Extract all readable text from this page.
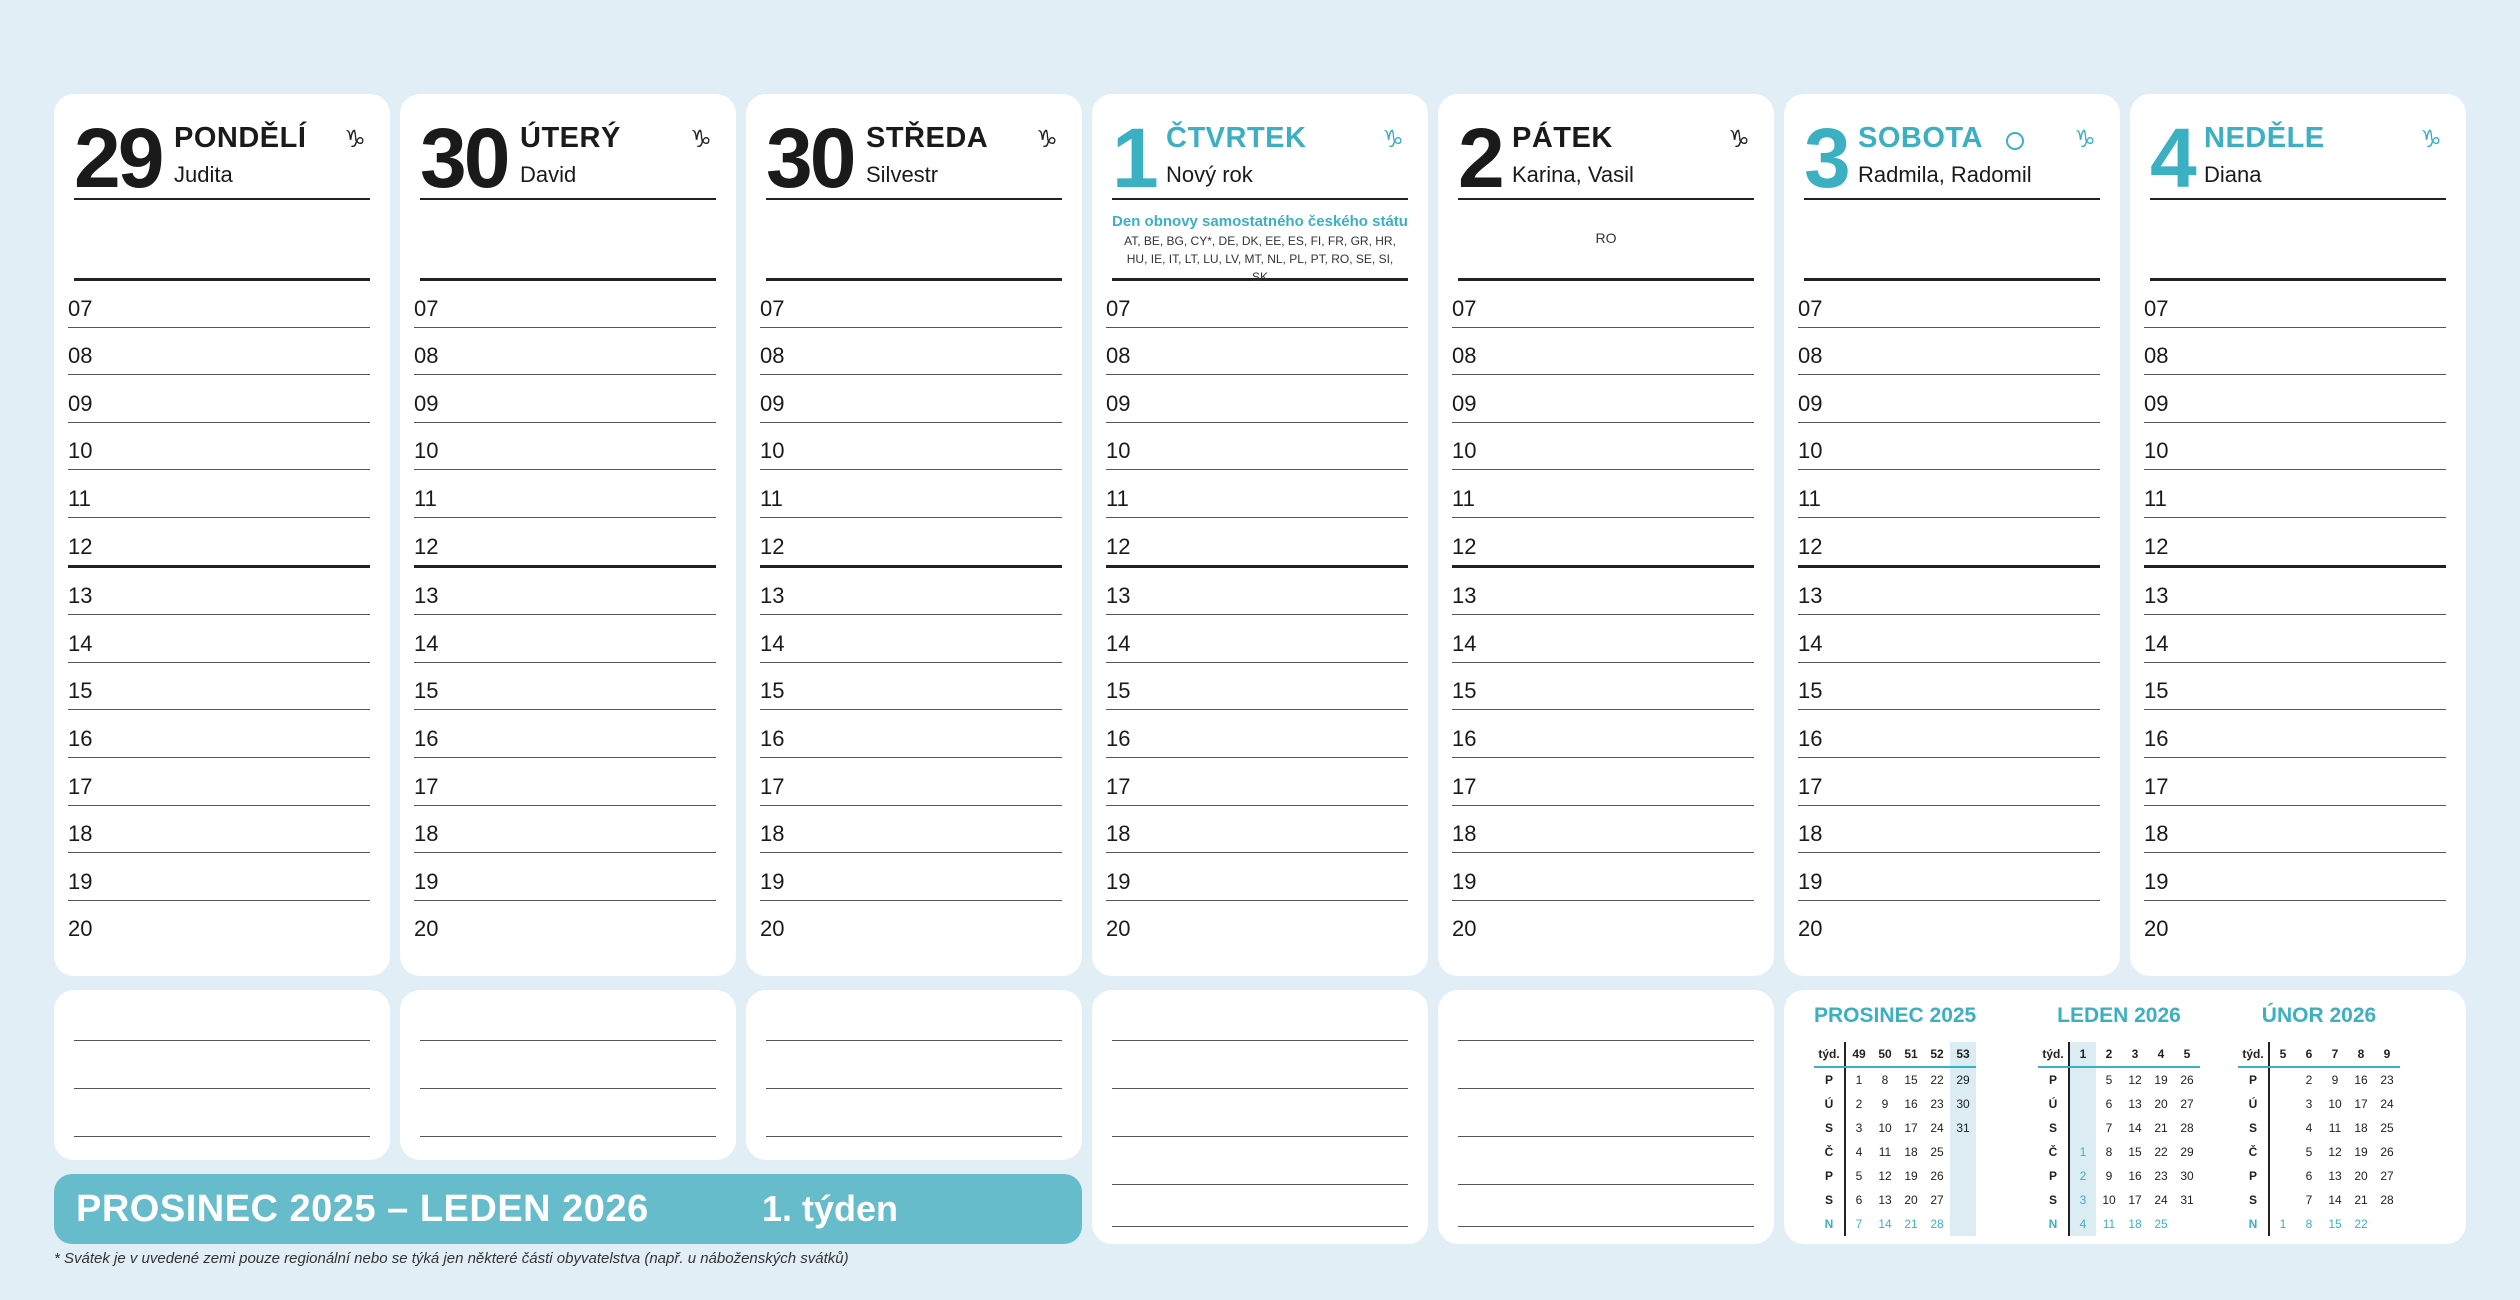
29 PONDĚLÍ
Judita
♑
07
08
09
10
11
12
13
14
15
16
17
18
19
20
30 ÚTERÝ
David
♑
07
08
09
10
11
12
13
14
15
16
17
18
19
20
30 STŘEDA
Silvestr
♑
07
08
09
10
11
12
13
14
15
16
17
18
19
20
1 ČTVRTEK
Nový rok
♑
Den obnovy samostatného českého státu
AT, BE, BG, CY*, DE, DK, EE, ES, FI, FR, GR, HR, HU, IE, IT, LT, LU, LV, MT, NL, PL, PT, RO, SE, SI, SK
07
08
09
10
11
12
13
14
15
16
17
18
19
20
2 PÁTEK
Karina, Vasil
♑
RO
07
08
09
10
11
12
13
14
15
16
17
18
19
20
3 SOBOTA
Radmila, Radomil
♑
07
08
09
10
11
12
13
14
15
16
17
18
19
20
4 NEDĚLE
Diana
♑
07
08
09
10
11
12
13
14
15
16
17
18
19
20
PROSINEC 2025 – LEDEN 2026	1. týden
* Svátek je v uvedené zemi pouze regionální nebo se týká jen některé části obyvatelstva (např. u náboženských svátků)
PROSINEC 2025
týd.	49	50	51	52	53
P	1	8	15	22	29
Ú	2	9	16	23	30
S	3	10	17	24	31
Č	4	11	18	25	
P	5	12	19	26	
S	6	13	20	27	
N	7	14	21	28	
LEDEN 2026
týd.	1	2	3	4	5
P		5	12	19	26
Ú		6	13	20	27
S		7	14	21	28
Č	1	8	15	22	29
P	2	9	16	23	30
S	3	10	17	24	31
N	4	11	18	25	
ÚNOR 2026
týd.	5	6	7	8	9
P		2	9	16	23
Ú		3	10	17	24
S		4	11	18	25
Č		5	12	19	26
P		6	13	20	27
S		7	14	21	28
N	1	8	15	22	
